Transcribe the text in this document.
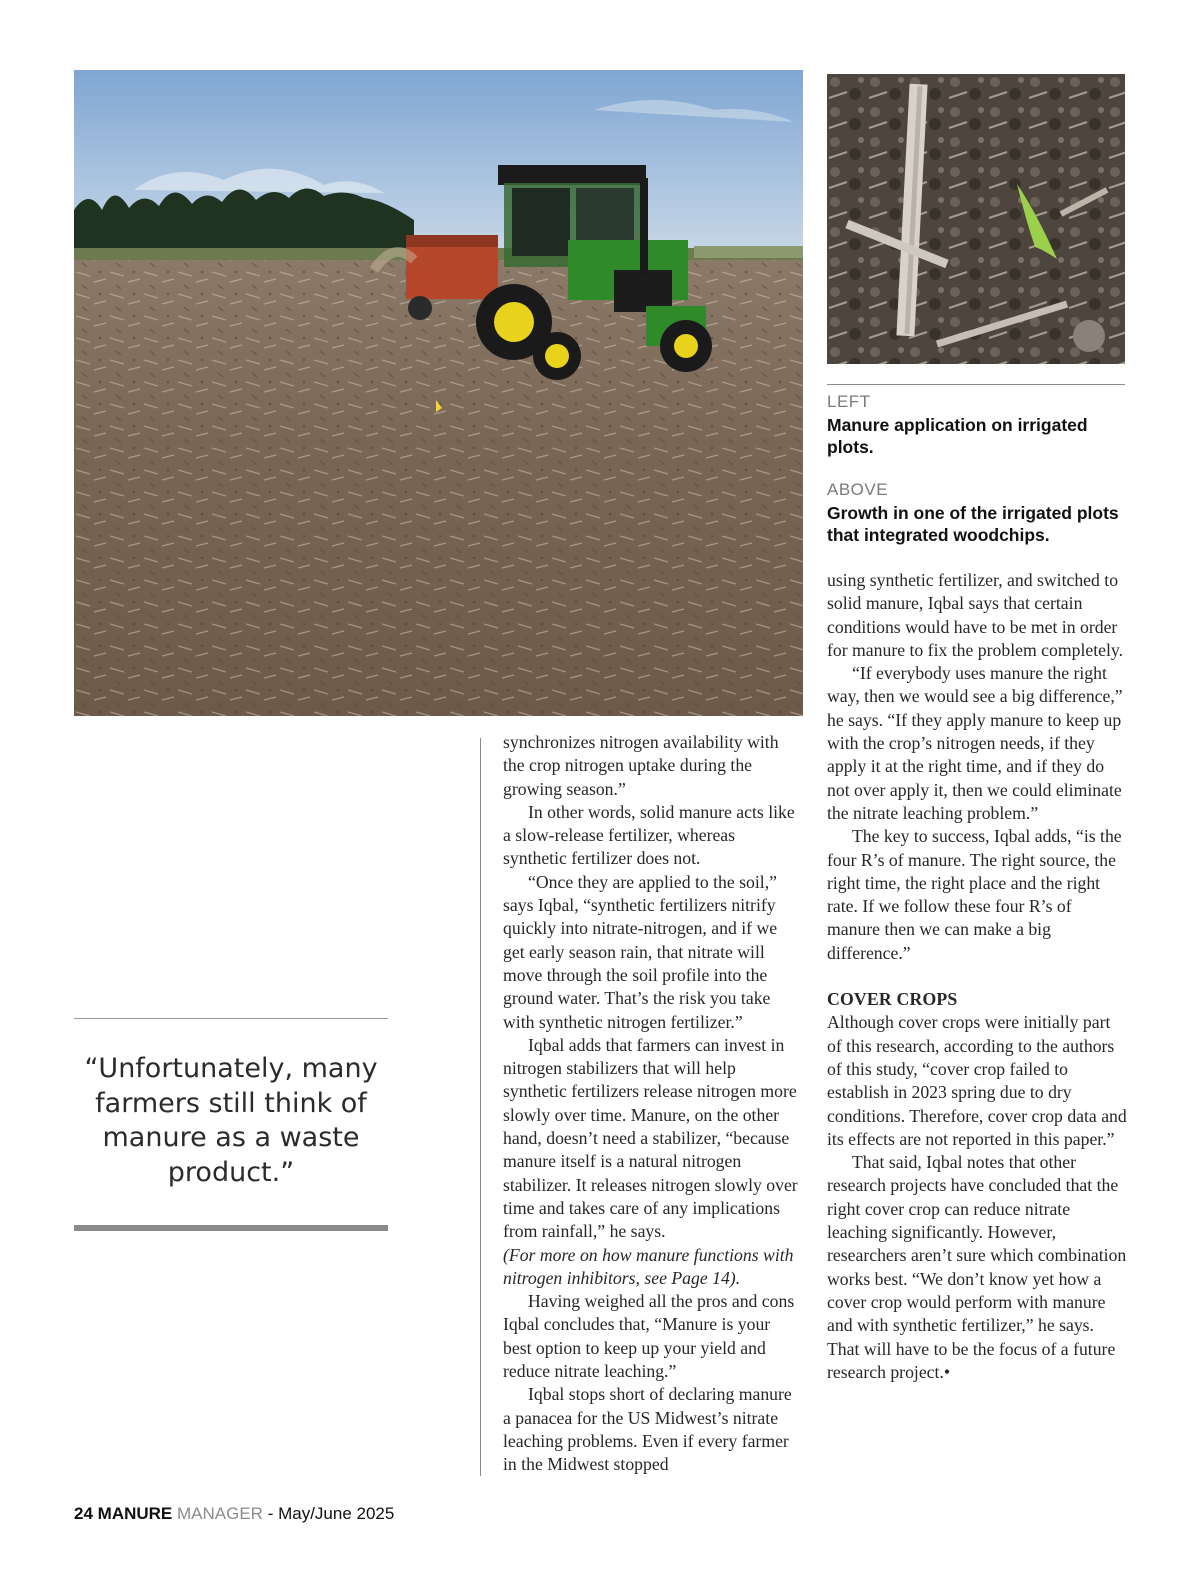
LEFT

Manure application on irrigated plots.

ABOVE

Growth in one of the irrigated plots that integrated woodchips.

“Unfortunately, many farmers still think of manure as a waste product.”

synchronizes nitrogen availability with the crop nitrogen uptake during the growing season.”

In other words, solid manure acts like a slow-release fertilizer, whereas synthetic fertilizer does not.

“Once they are applied to the soil,” says Iqbal, “synthetic fertilizers nitrify quickly into nitrate-nitrogen, and if we get early season rain, that nitrate will move through the soil profile into the ground water. That’s the risk you take with synthetic nitrogen fertilizer.”

Iqbal adds that farmers can invest in nitrogen stabilizers that will help synthetic fertilizers release nitrogen more slowly over time. Manure, on the other hand, doesn’t need a stabilizer, “because manure itself is a natural nitrogen stabilizer. It releases nitrogen slowly over time and takes care of any implications from rainfall,” he says.

(For more on how manure functions with nitrogen inhibitors, see Page 14).

Having weighed all the pros and cons Iqbal concludes that, “Manure is your best option to keep up your yield and reduce nitrate leaching.”

Iqbal stops short of declaring manure a panacea for the US Midwest’s nitrate leaching problems. Even if every farmer in the Midwest stopped

using synthetic fertilizer, and switched to solid manure, Iqbal says that certain conditions would have to be met in order for manure to fix the problem completely.

“If everybody uses manure the right way, then we would see a big difference,” he says. “If they apply manure to keep up with the crop’s nitrogen needs, if they apply it at the right time, and if they do not over apply it, then we could eliminate the nitrate leaching problem.”

The key to success, Iqbal adds, “is the four R’s of manure. The right source, the right time, the right place and the right rate. If we follow these four R’s of manure then we can make a big difference.”

COVER CROPS

Although cover crops were initially part of this research, according to the authors of this study, “cover crop failed to establish in 2023 spring due to dry conditions. Therefore, cover crop data and its effects are not reported in this paper.”

That said, Iqbal notes that other research projects have concluded that the right cover crop can reduce nitrate leaching significantly. However, researchers aren’t sure which combination works best. “We don’t know yet how a cover crop would perform with manure and with synthetic fertilizer,” he says. That will have to be the focus of a future research project.•

24 MANURE MANAGER - May/June 2025
